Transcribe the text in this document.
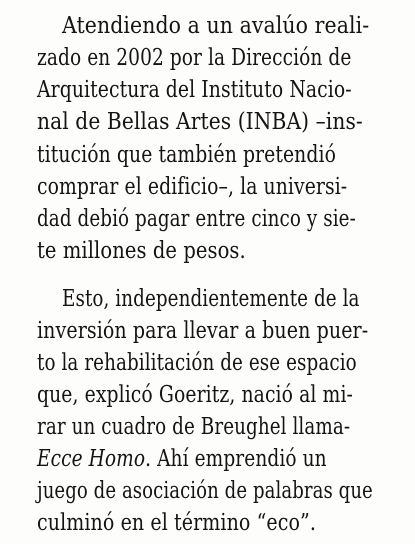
Atendiendo a un avalúo reali-
zado en 2002 por la Dirección de
Arquitectura del Instituto Nacio-
nal de Bellas Artes (INBA) –ins-
titución que también pretendió
comprar el edificio–, la universi-
dad debió pagar entre cinco y sie-
te millones de pesos.
Esto, independientemente de la
inversión para llevar a buen puer-
to la rehabilitación de ese espacio
que, explicó Goeritz, nació al mi-
rar un cuadro de Breughel llama-
Ecce Homo. Ahí emprendió un
juego de asociación de palabras que
culminó en el término “eco”.
